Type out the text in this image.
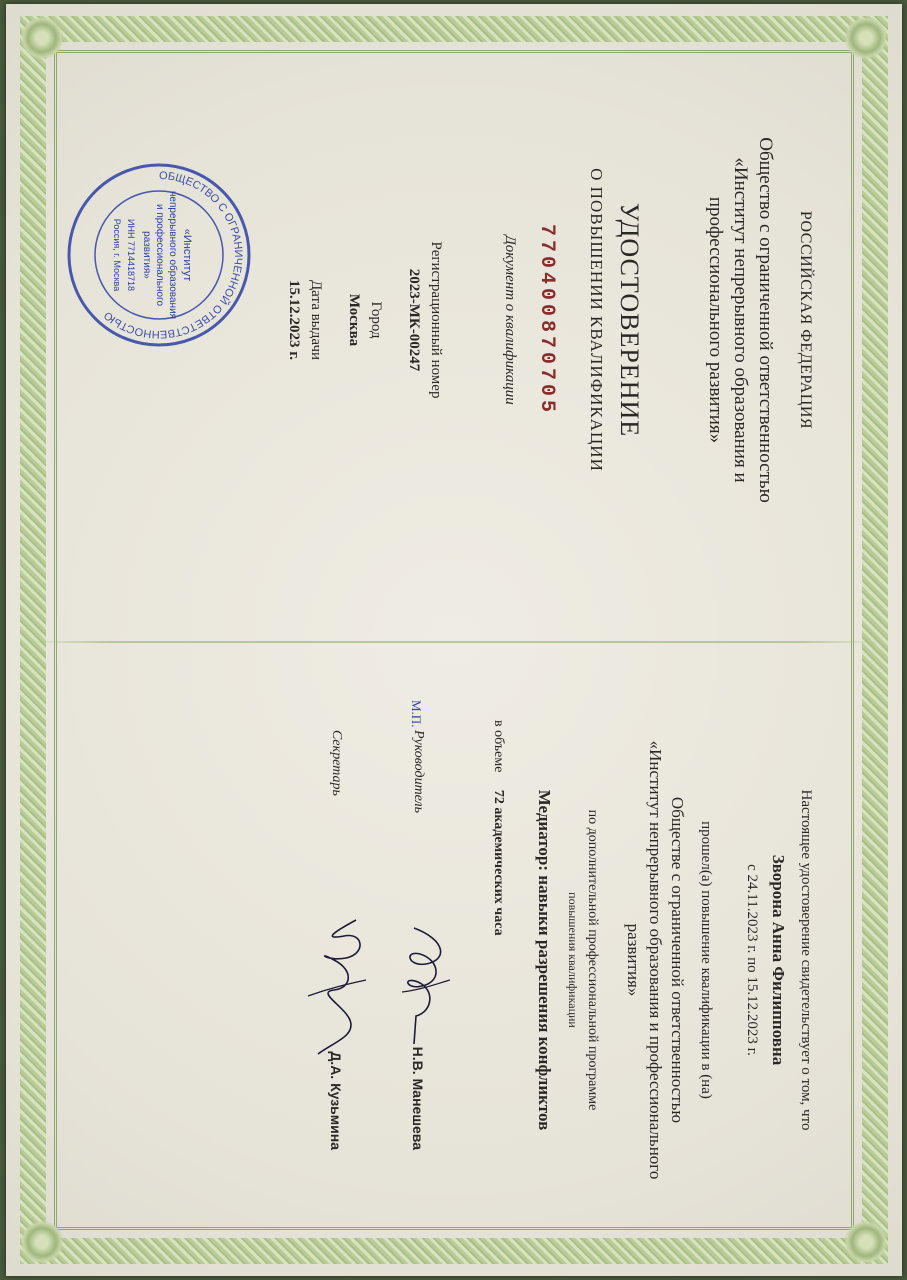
РОССИЙСКАЯ ФЕДЕРАЦИЯ
Общество с ограниченной ответственностью
«Институт непрерывного образования и
профессионального развития»
УДОСТОВЕРЕНИЕ
О ПОВЫШЕНИИ КВАЛИФИКАЦИИ
770400870705
Документ о квалификации
Регистрационный номер
2023-МК-00247
Город
Москва
Дата выдачи
15.12.2023 г.
ОБЩЕСТВО С ОГРАНИЧЕННОЙ ОТВЕТСТВЕННОСТЬЮ
«Институт
непрерывного образования
и профессионального
развития»
ИНН 7714418718
Россия, г. Москва
Настоящее удостоверение свидетельствует о том, что
Зворона Анна Филипповна
с 24.11.2023 г. по 15.12.2023 г.
прошел(а) повышение квалификации в (на)
Обществе с ограниченной ответственностью
«Институт непрерывного образования и профессионального
развития»
по дополнительной профессиональной программе
повышения квалификации
Медиатор: навыки разрешения конфликтов
в объеме 72 академических часа
Руководитель
Н.В. Манешева
Секретарь
Д.А. Кузьмина
М.П.
